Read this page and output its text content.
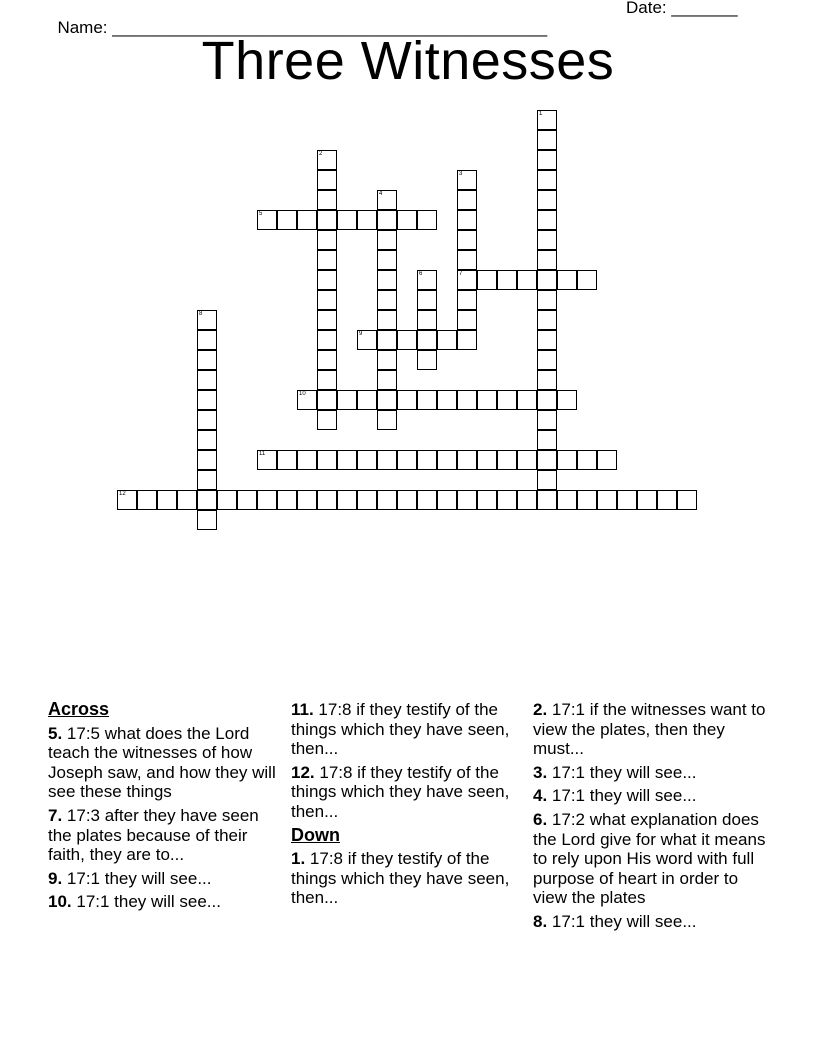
Name: ______________________________________________

Date: _______

Three Witnesses
1
2
3
7
4
5
6
8
9
10
11
12
Across
5. 17:5 what does the Lord teach the witnesses of how Joseph saw, and how they will see these things
7. 17:3 after they have seen the plates because of their faith, they are to...
9. 17:1 they will see...
10. 17:1 they will see...
11. 17:8 if they testify of the things which they have seen, then...
12. 17:8 if they testify of the things which they have seen, then...
Down
1. 17:8 if they testify of the things which they have seen, then...
2. 17:1 if the witnesses want to view the plates, then they must...
3. 17:1 they will see...
4. 17:1 they will see...
6. 17:2 what explanation does the Lord give for what it means to rely upon His word with full purpose of heart in order to view the plates
8. 17:1 they will see...
